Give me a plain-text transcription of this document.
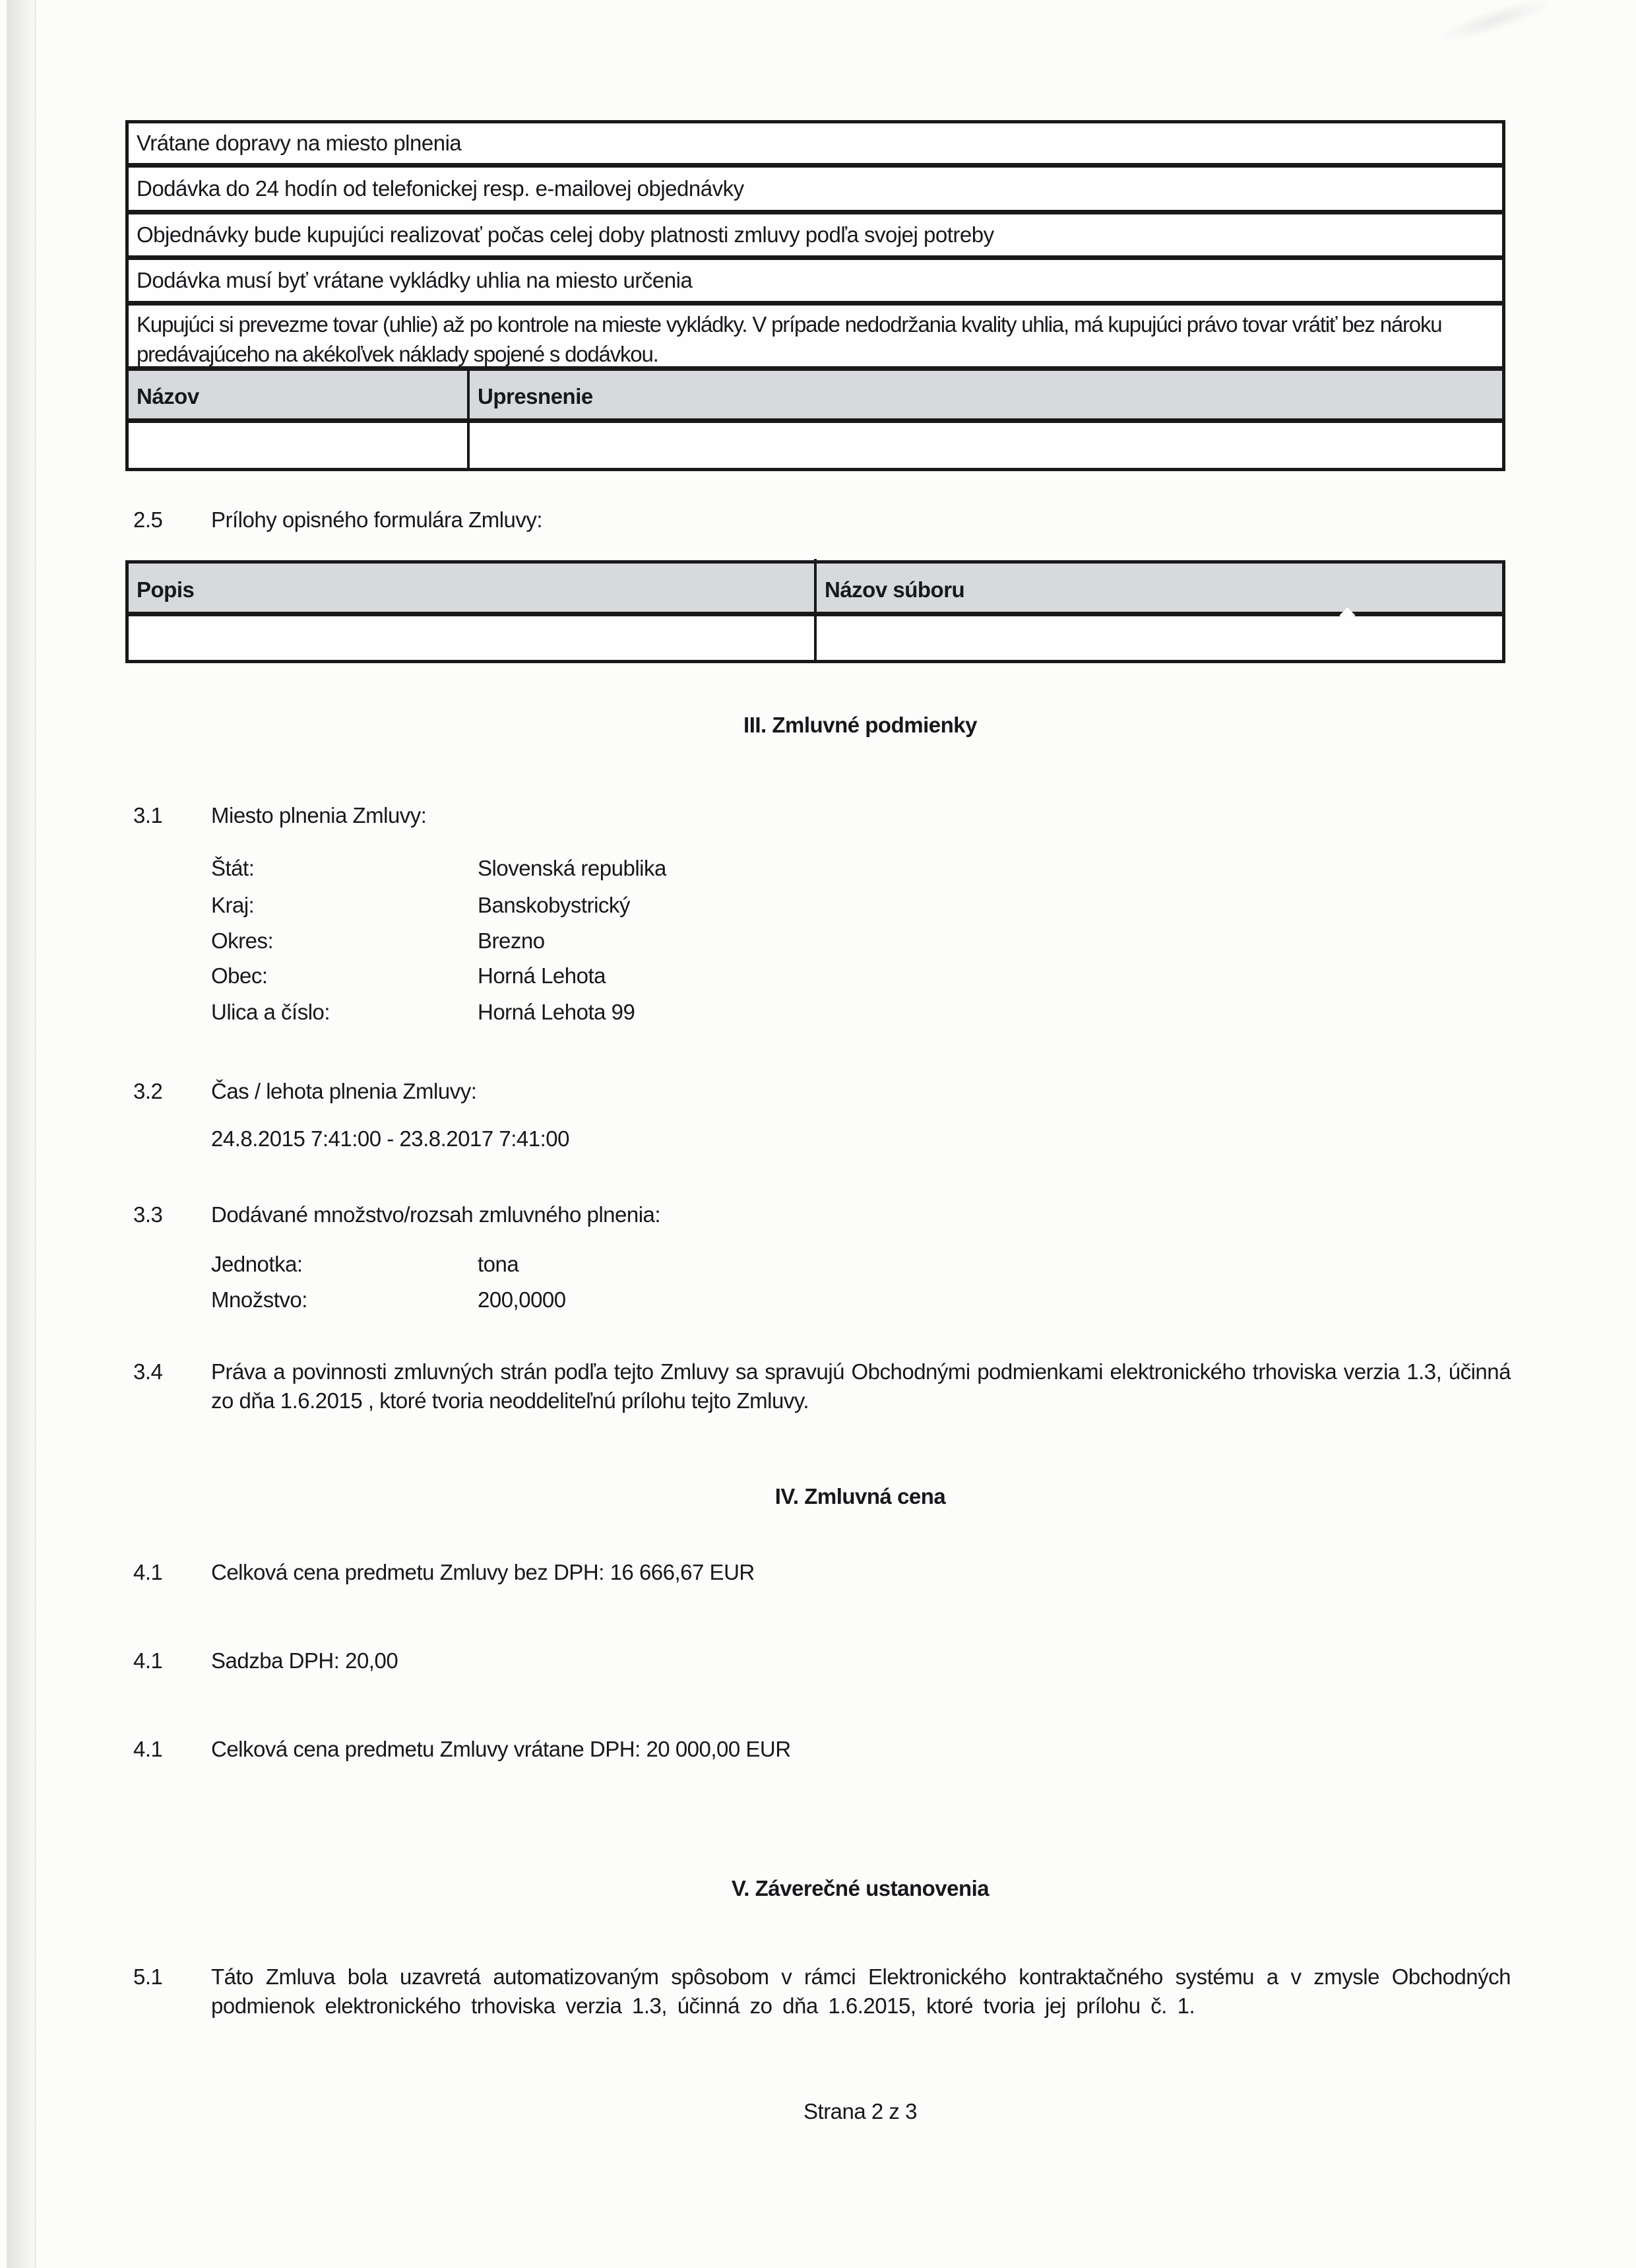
Vrátane dopravy na miesto plnenia
Dodávka do 24 hodín od telefonickej resp. e-mailovej objednávky
Objednávky bude kupujúci realizovať počas celej doby platnosti zmluvy podľa svojej potreby
Dodávka musí byť vrátane vykládky uhlia na miesto určenia
Kupujúci si prevezme tovar (uhlie) až po kontrole na mieste vykládky. V prípade nedodržania kvality uhlia, má kupujúci právo tovar vrátiť bez nároku predávajúceho na akékoľvek náklady spojené s dodávkou.
Názov	Upresnenie
2.5 Prílohy opisného formulára Zmluvy:
Popis	Názov súboru
III. Zmluvné podmienky
3.1 Miesto plnenia Zmluvy:
Štát:	Slovenská republika
Kraj:	Banskobystrický
Okres:	Brezno
Obec:	Horná Lehota
Ulica a číslo:	Horná Lehota 99
3.2 Čas / lehota plnenia Zmluvy:
24.8.2015 7:41:00 - 23.8.2017 7:41:00
3.3 Dodávané množstvo/rozsah zmluvného plnenia:
Jednotka:	tona
Množstvo:	200,0000
3.4 Práva a povinnosti zmluvných strán podľa tejto Zmluvy sa spravujú Obchodnými podmienkami elektronického trhoviska verzia 1.3, účinná zo dňa 1.6.2015 , ktoré tvoria neoddeliteľnú prílohu tejto Zmluvy.
IV. Zmluvná cena
4.1 Celková cena predmetu Zmluvy bez DPH: 16 666,67 EUR
4.1 Sadzba DPH: 20,00
4.1 Celková cena predmetu Zmluvy vrátane DPH: 20 000,00 EUR
V. Záverečné ustanovenia
5.1 Táto Zmluva bola uzavretá automatizovaným spôsobom v rámci Elektronického kontraktačného systému a v zmysle Obchodných podmienok elektronického trhoviska verzia 1.3, účinná zo dňa 1.6.2015, ktoré tvoria jej prílohu č. 1.
Strana 2 z 3
